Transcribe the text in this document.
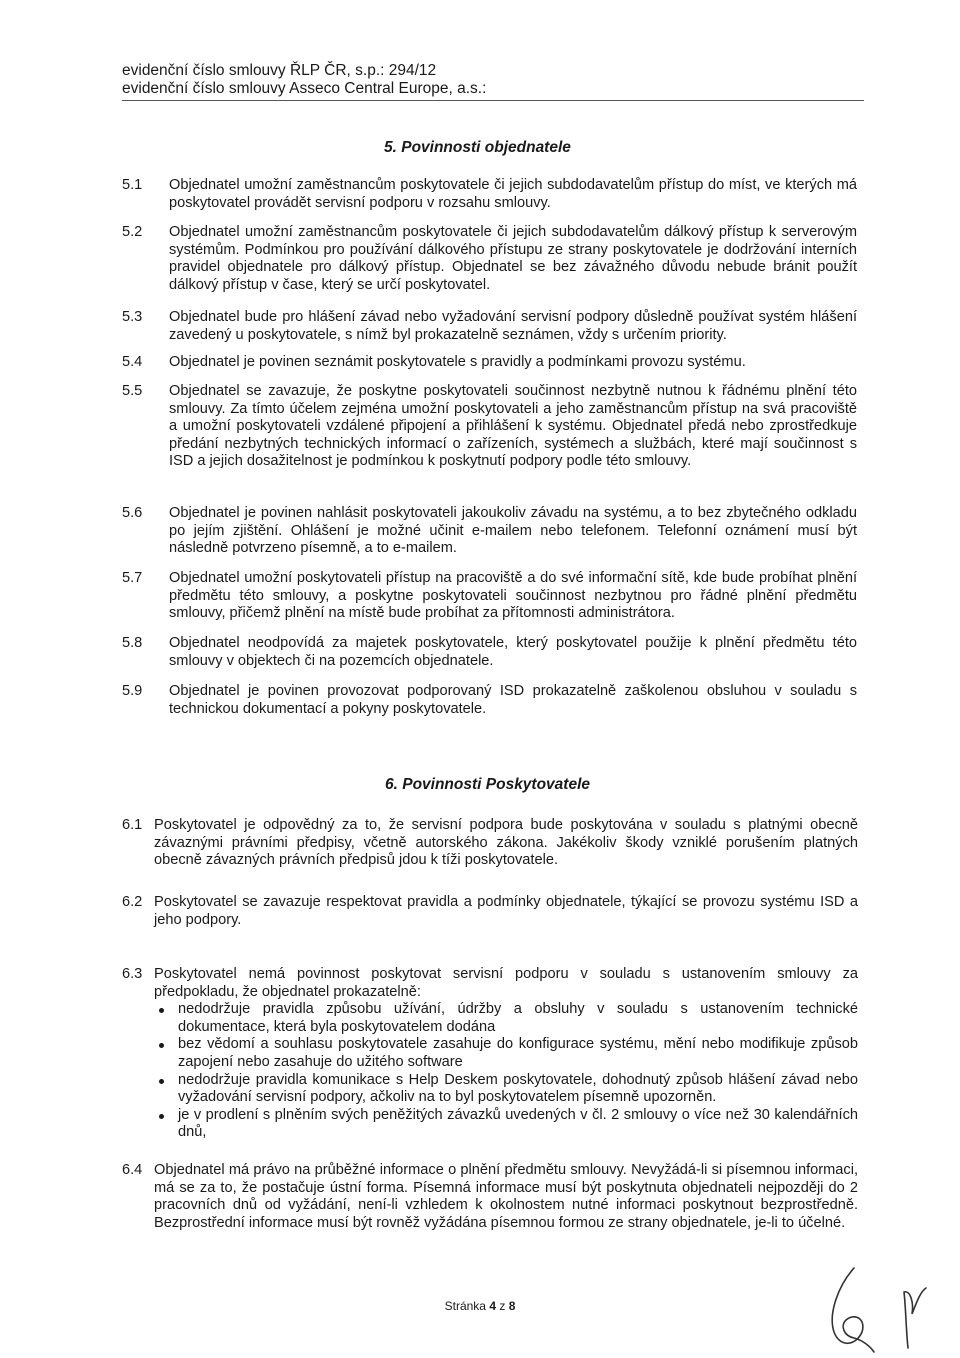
evidenční číslo smlouvy ŘLP ČR, s.p.: 294/12
evidenční číslo smlouvy Asseco Central Europe, a.s.:
5. Povinnosti objednatele
5.1 Objednatel umožní zaměstnancům poskytovatele či jejich subdodavatelům přístup do míst, ve kterých má poskytovatel provádět servisní podporu v rozsahu smlouvy.
5.2 Objednatel umožní zaměstnancům poskytovatele či jejich subdodavatelům dálkový přístup k serverovým systémům. Podmínkou pro používání dálkového přístupu ze strany poskytovatele je dodržování interních pravidel objednatele pro dálkový přístup. Objednatel se bez závažného důvodu nebude bránit použít dálkový přístup v čase, který se určí poskytovatel.
5.3 Objednatel bude pro hlášení závad nebo vyžadování servisní podpory důsledně používat systém hlášení zavedený u poskytovatele, s nímž byl prokazatelně seznámen, vždy s určením priority.
5.4 Objednatel je povinen seznámit poskytovatele s pravidly a podmínkami provozu systému.
5.5 Objednatel se zavazuje, že poskytne poskytovateli součinnost nezbytně nutnou k řádnému plnění této smlouvy. Za tímto účelem zejména umožní poskytovateli a jeho zaměstnancům přístup na svá pracoviště a umožní poskytovateli vzdálené připojení a přihlášení k systému. Objednatel předá nebo zprostředkuje předání nezbytných technických informací o zařízeních, systémech a službách, které mají součinnost s ISD a jejich dosažitelnost je podmínkou k poskytnutí podpory podle této smlouvy.
5.6 Objednatel je povinen nahlásit poskytovateli jakoukoliv závadu na systému, a to bez zbytečného odkladu po jejím zjištění. Ohlášení je možné učinit e-mailem nebo telefonem. Telefonní oznámení musí být následně potvrzeno písemně, a to e-mailem.
5.7 Objednatel umožní poskytovateli přístup na pracoviště a do své informační sítě, kde bude probíhat plnění předmětu této smlouvy, a poskytne poskytovateli součinnost nezbytnou pro řádné plnění předmětu smlouvy, přičemž plnění na místě bude probíhat za přítomnosti administrátora.
5.8 Objednatel neodpovídá za majetek poskytovatele, který poskytovatel použije k plnění předmětu této smlouvy v objektech či na pozemcích objednatele.
5.9 Objednatel je povinen provozovat podporovaný ISD prokazatelně zaškolenou obsluhou v souladu s technickou dokumentací a pokyny poskytovatele.
6. Povinnosti Poskytovatele
6.1 Poskytovatel je odpovědný za to, že servisní podpora bude poskytována v souladu s platnými obecně závaznými právními předpisy, včetně autorského zákona. Jakékoliv škody vzniklé porušením platných obecně závazných právních předpisů jdou k tíži poskytovatele.
6.2 Poskytovatel se zavazuje respektovat pravidla a podmínky objednatele, týkající se provozu systému ISD a jeho podpory.
6.3 Poskytovatel nemá povinnost poskytovat servisní podporu v souladu s ustanovením smlouvy za předpokladu, že objednatel prokazatelně:
nedodržuje pravidla způsobu užívání, údržby a obsluhy v souladu s ustanovením technické dokumentace, která byla poskytovatelem dodána
bez vědomí a souhlasu poskytovatele zasahuje do konfigurace systému, mění nebo modifikuje způsob zapojení nebo zasahuje do užitého software
nedodržuje pravidla komunikace s Help Deskem poskytovatele, dohodnutý způsob hlášení závad nebo vyžadování servisní podpory, ačkoliv na to byl poskytovatelem písemně upozorněn.
je v prodlení s plněním svých peněžitých závazků uvedených v čl. 2 smlouvy o více než 30 kalendářních dnů,
6.4 Objednatel má právo na průběžné informace o plnění předmětu smlouvy. Nevyžádá-li si písemnou informaci, má se za to, že postačuje ústní forma. Písemná informace musí být poskytnuta objednateli nejpozději do 2 pracovních dnů od vyžádání, není-li vzhledem k okolnostem nutné informaci poskytnout bezprostředně. Bezprostřední informace musí být rovněž vyžádána písemnou formou ze strany objednatele, je-li to účelné.
Stránka 4 z 8
